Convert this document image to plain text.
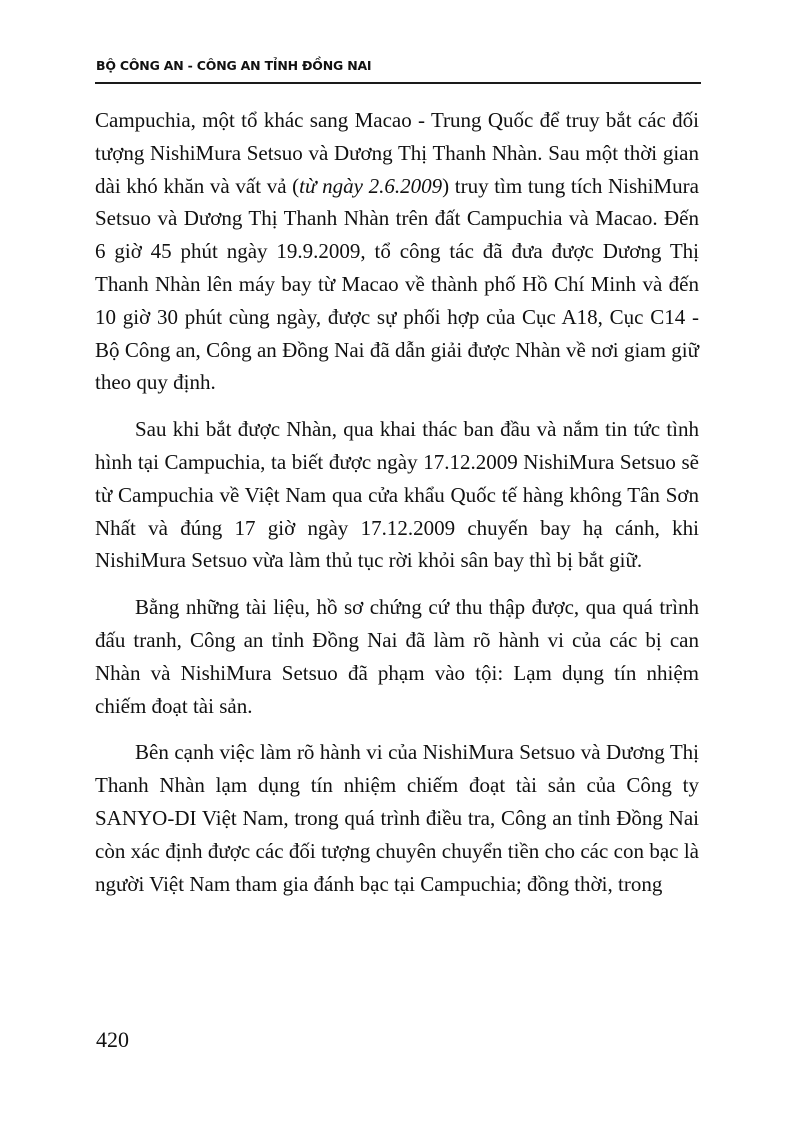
BỘ CÔNG AN - CÔNG AN TỈNH ĐỒNG NAI

Campuchia, một tổ khác sang Macao - Trung Quốc để truy bắt các đối tượng NishiMura Setsuo và Dương Thị Thanh Nhàn. Sau một thời gian dài khó khăn và vất vả (từ ngày 2.6.2009) truy tìm tung tích NishiMura Setsuo và Dương Thị Thanh Nhàn trên đất Campuchia và Macao. Đến 6 giờ 45 phút ngày 19.9.2009, tổ công tác đã đưa được Dương Thị Thanh Nhàn lên máy bay từ Macao về thành phố Hồ Chí Minh và đến 10 giờ 30 phút cùng ngày, được sự phối hợp của Cục A18, Cục C14 - Bộ Công an, Công an Đồng Nai đã dẫn giải được Nhàn về nơi giam giữ theo quy định.

Sau khi bắt được Nhàn, qua khai thác ban đầu và nắm tin tức tình hình tại Campuchia, ta biết được ngày 17.12.2009 NishiMura Setsuo sẽ từ Campuchia về Việt Nam qua cửa khẩu Quốc tế hàng không Tân Sơn Nhất và đúng 17 giờ ngày 17.12.2009 chuyến bay hạ cánh, khi NishiMura Setsuo vừa làm thủ tục rời khỏi sân bay thì bị bắt giữ.

Bằng những tài liệu, hồ sơ chứng cứ thu thập được, qua quá trình đấu tranh, Công an tỉnh Đồng Nai đã làm rõ hành vi của các bị can Nhàn và NishiMura Setsuo đã phạm vào tội: Lạm dụng tín nhiệm chiếm đoạt tài sản.

Bên cạnh việc làm rõ hành vi của NishiMura Setsuo và Dương Thị Thanh Nhàn lạm dụng tín nhiệm chiếm đoạt tài sản của Công ty SANYO-DI Việt Nam, trong quá trình điều tra, Công an tỉnh Đồng Nai còn xác định được các đối tượng chuyên chuyển tiền cho các con bạc là người Việt Nam tham gia đánh bạc tại Campuchia; đồng thời, trong

420
